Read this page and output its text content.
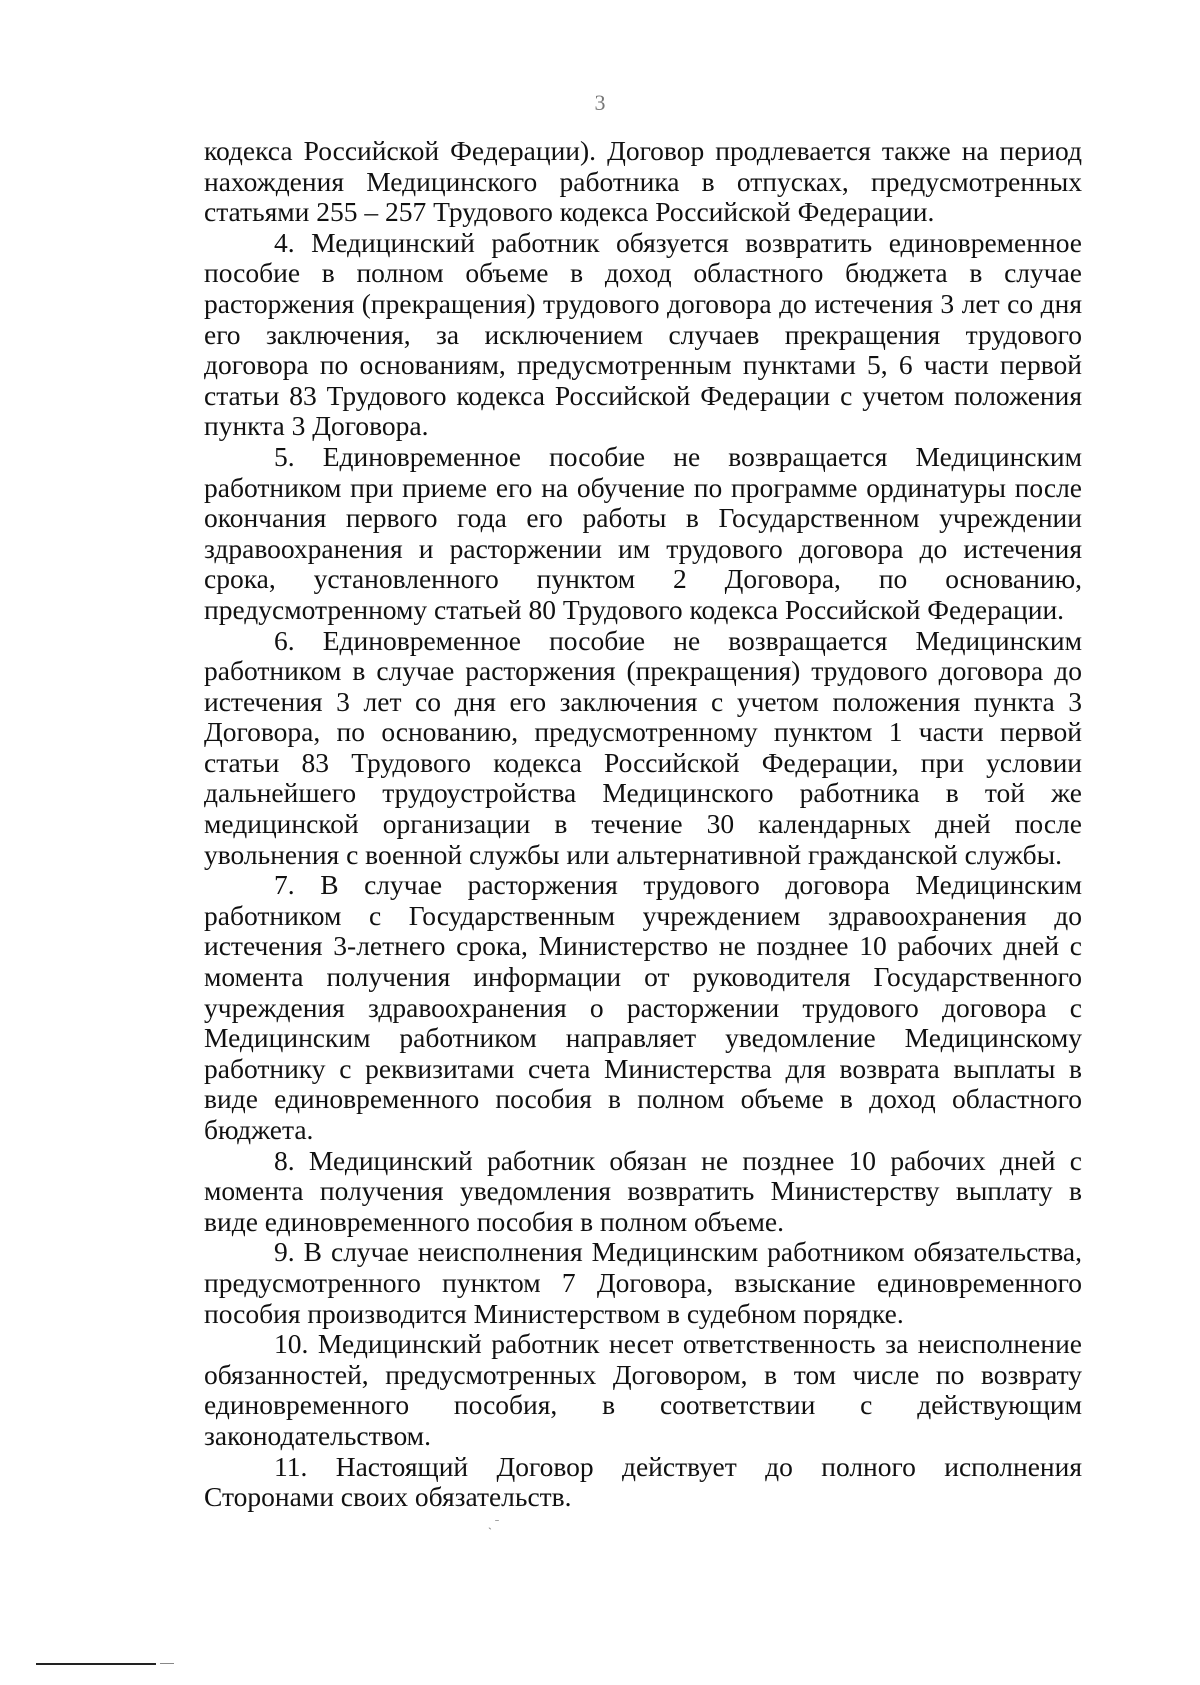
3

кодекса Российской Федерации). Договор продлевается также на период нахождения Медицинского работника в отпусках, предусмотренных статьями 255 – 257 Трудового кодекса Российской Федерации.

4. Медицинский работник обязуется возвратить единовременное пособие в полном объеме в доход областного бюджета в случае расторжения (прекращения) трудового договора до истечения 3 лет со дня его заключения, за исключением случаев прекращения трудового договора по основаниям, предусмотренным пунктами 5, 6 части первой статьи 83 Трудового кодекса Российской Федерации с учетом положения пункта 3 Договора.

5. Единовременное пособие не возвращается Медицинским работником при приеме его на обучение по программе ординатуры после окончания первого года его работы в Государственном учреждении здравоохранения и расторжении им трудового договора до истечения срока, установленного пунктом 2 Договора, по основанию, предусмотренному статьей 80 Трудового кодекса Российской Федерации.

6. Единовременное пособие не возвращается Медицинским работником в случае расторжения (прекращения) трудового договора до истечения 3 лет со дня его заключения с учетом положения пункта 3 Договора, по основанию, предусмотренному пунктом 1 части первой статьи 83 Трудового кодекса Российской Федерации, при условии дальнейшего трудоустройства Медицинского работника в той же медицинской организации в течение 30 календарных дней после увольнения с военной службы или альтернативной гражданской службы.

7. В случае расторжения трудового договора Медицинским работником с Государственным учреждением здравоохранения до истечения 3-летнего срока, Министерство не позднее 10 рабочих дней с момента получения информации от руководителя Государственного учреждения здравоохранения о расторжении трудового договора с Медицинским работником направляет уведомление Медицинскому работнику с реквизитами счета Министерства для возврата выплаты в виде единовременного пособия в полном объеме в доход областного бюджета.

8. Медицинский работник обязан не позднее 10 рабочих дней с момента получения уведомления возвратить Министерству выплату в виде единовременного пособия в полном объеме.

9. В случае неисполнения Медицинским работником обязательства, предусмотренного пунктом 7 Договора, взыскание единовременного пособия производится Министерством в судебном порядке.

10. Медицинский работник несет ответственность за неисполнение обязанностей, предусмотренных Договором, в том числе по возврату единовременного пособия, в соответствии с действующим законодательством.

11. Настоящий Договор действует до полного исполнения Сторонами своих обязательств.

ˎ ˉ
